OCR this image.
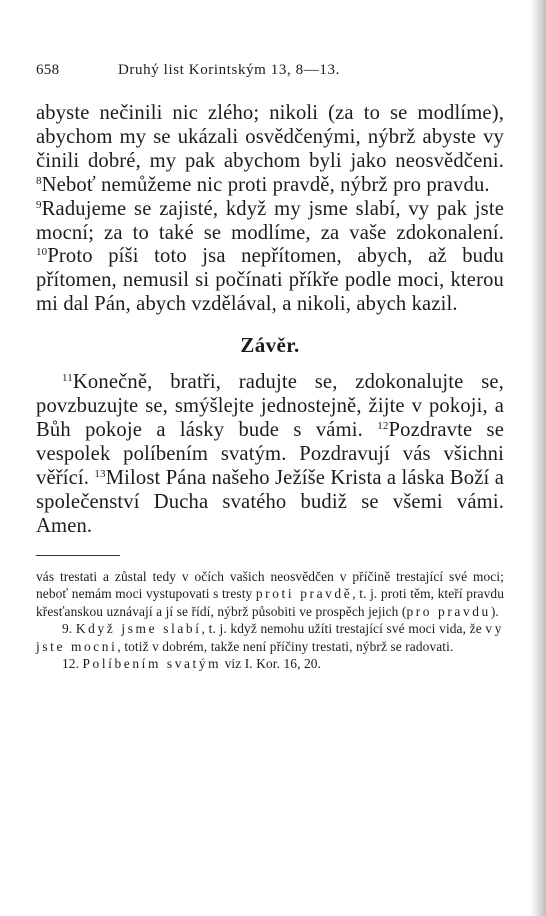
658	Druhý list Korintským 13, 8—13.

abyste nečinili nic zlého; nikoli (za to se modlíme), abychom my se ukázali osvědčenými, nýbrž abyste vy činili dobré, my pak abychom byli jako neosvědčeni. $^8$Neboť nemůžeme nic proti pravdě, nýbrž pro pravdu.

$^9$Radujeme se zajisté, když my jsme slabí, vy pak jste mocní; za to také se modlíme, za vaše zdokonalení. $^{10}$Proto píši toto jsa nepřítomen, abych, až budu přítomen, nemusil si počínati příkře podle moci, kterou mi dal Pán, abych vzdělával, a nikoli, abych kazil.

Závěr.

$^{11}$Konečně, bratři, radujte se, zdokonalujte se, povzbuzujte se, smýšlejte jednostejně, žijte v pokoji, a Bůh pokoje a lásky bude s vámi. $^{12}$Pozdravte se vespolek políbením svatým. Pozdravují vás všichni věřící. $^{13}$Milost Pána našeho Ježíše Krista a láska Boží a společenství Ducha svatého budiž se všemi vámi. Amen.

vás trestati a zůstal tedy v očích vašich neosvědčen v příčině trestající své moci; neboť nemám moci vystupovati s tresty proti pravdě, t. j. proti těm, kteří pravdu křesťanskou uznávají a jí se řídí, nýbrž působiti ve prospěch jejich (pro pravdu).

9. Když jsme slabí, t. j. když nemohu užíti trestající své moci vida, že vy jste mocni, totiž v dobrém, takže není příčiny trestati, nýbrž se radovati.

12. Políbením svatým viz I. Kor. 16, 20.
